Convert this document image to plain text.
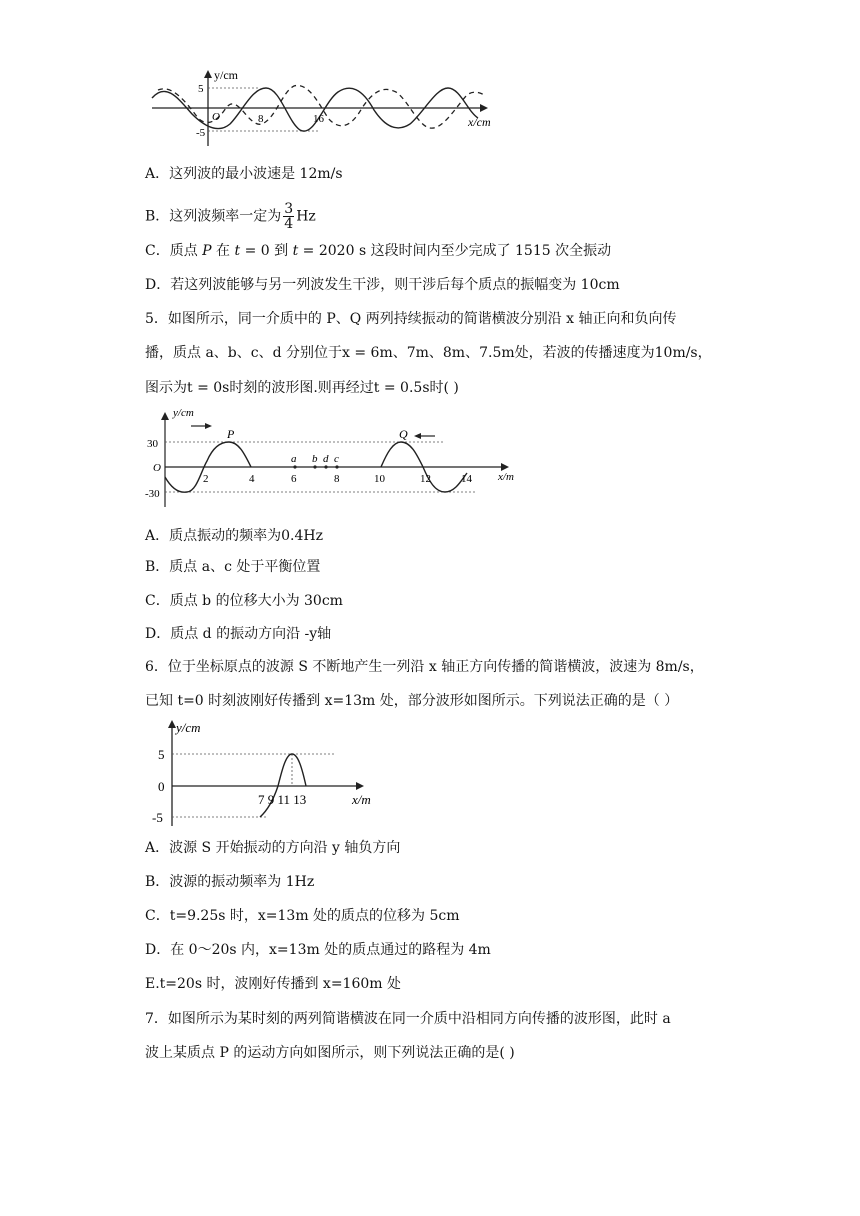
y/cm
5
O
-5
8	16	x/cm
A．这列波的最小波速是 12m/s
B．这列波频率一定为 $\frac{3}{4}$ Hz
C．质点 P 在 t = 0 到 t = 2020 s 这段时间内至少完成了 1515 次全振动
D．若这列波能够与另一列波发生干涉，则干涉后每个质点的振幅变为 10cm
5．如图所示，同一介质中的 P、Q 两列持续振动的简谐横波分别沿 x 轴正向和负向传
播，质点 a、b、c、d 分别位于x = 6m、7m、8m、7.5m处，若波的传播速度为10m/s，
图示为t = 0s时刻的波形图.则再经过t = 0.5s时( )
y/cm
30
O
-30
P	Q
a b d c
2	4	6	8	10	12	14 x/m
A．质点振动的频率为0.4Hz
B．质点 a、c 处于平衡位置
C．质点 b 的位移大小为 30cm
D．质点 d 的振动方向沿 -y轴
6．位于坐标原点的波源 S 不断地产生一列沿 x 轴正方向传播的简谐横波，波速为 8m/s，
已知 t=0 时刻波刚好传播到 x=13m 处，部分波形如图所示。下列说法正确的是（ ）
y/cm
5
0
-5
7 9 11 13	x/m
A．波源 S 开始振动的方向沿 y 轴负方向
B．波源的振动频率为 1Hz
C．t=9.25s 时，x=13m 处的质点的位移为 5cm
D．在 0～20s 内，x=13m 处的质点通过的路程为 4m
E.t=20s 时，波刚好传播到 x=160m 处
7．如图所示为某时刻的两列简谐横波在同一介质中沿相同方向传播的波形图，此时 a
波上某质点 P 的运动方向如图所示，则下列说法正确的是( )
